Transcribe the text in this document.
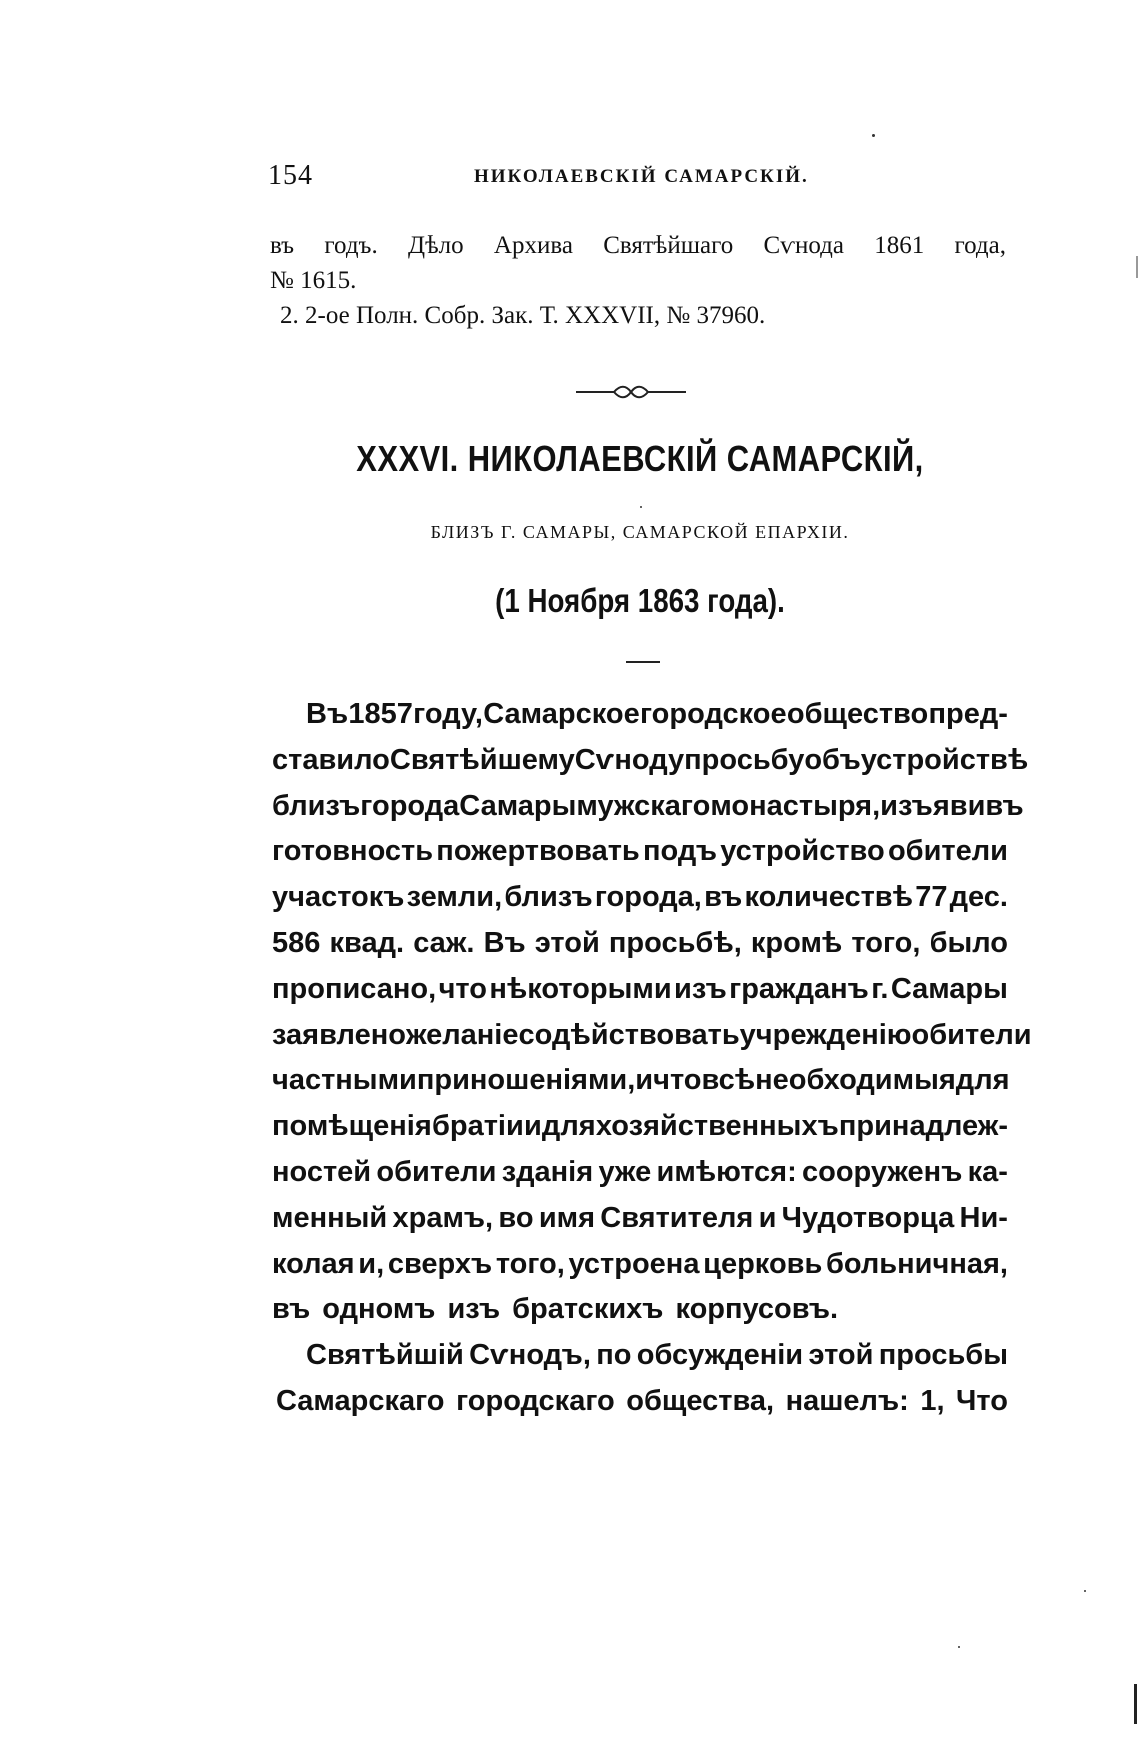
154	НИКОЛАЕВСКІЙ САМАРСКІЙ.
въ годъ. Дѣло Архива Святѣйшаго Сѵнода 1861 года,
№ 1615.
2. 2-ое Полн. Собр. Зак. Т. XXXVII, № 37960.
XXXVI. НИКОЛАЕВСКІЙ САМАРСКІЙ,
БЛИЗЪ Г. САМАРЫ, САМАРСКОЙ ЕПАРХІИ.
(1 Ноября 1863 года).
Въ 1857 году, Самарское городское общество пред-
ставило Святѣйшему Сѵноду просьбу объ устройствѣ
близъ города Самары мужскаго монастыря, изъявивъ
готовность пожертвовать подъ устройство обители
участокъ земли, близъ города, въ количествѣ 77 дес.
586 квад. саж. Въ этой просьбѣ, кромѣ того, было
прописано, что нѣкоторыми изъ гражданъ г. Самары
заявлено желаніе содѣйствовать учрежденію обители
частными приношеніями, и что всѣ необходимыя для
помѣщенія братіи и для хозяйственныхъ принадлеж-
ностей обители зданія уже имѣются: сооруженъ ка-
менный храмъ, во имя Святителя и Чудотворца Ни-
колая и, сверхъ того, устроена церковь больничная,
въ одномъ изъ братскихъ корпусовъ.
Святѣйшій Сѵнодъ, по обсужденіи этой просьбы
Самарскаго городскаго общества, нашелъ: 1, Что
